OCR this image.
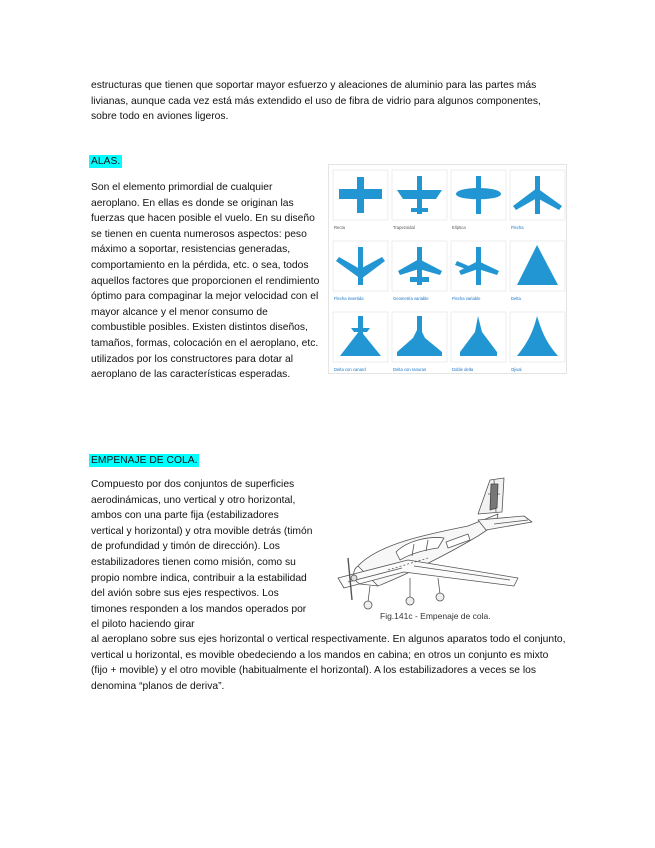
estructuras que tienen que soportar mayor esfuerzo y aleaciones de aluminio para las partes más livianas, aunque cada vez está más extendido el uso de fibra de vidrio para algunos componentes, sobre todo en aviones ligeros.

ALAS.

Son el elemento primordial de cualquier aeroplano. En ellas es donde se originan las fuerzas que hacen posible el vuelo. En su diseño se tienen en cuenta numerosos aspectos: peso máximo a soportar, resistencias generadas, comportamiento en la pérdida, etc. o sea, todos aquellos factores que proporcionen el rendimiento óptimo para compaginar la mejor velocidad con el mayor alcance y el menor consumo de combustible posibles. Existen distintos diseños, tamaños, formas, colocación en el aeroplano, etc. utilizados por los constructores para dotar al aeroplano de las características esperadas.

Recta	Trapezoidal	Elíptica	Flecha
Flecha invertida	Geometría variable	Flecha variable	Delta
Delta con canard	Delta con ranuras	Doble delta	Ojival
EMPENAJE DE COLA.

Compuesto por dos conjuntos de superficies aerodinámicas, uno vertical y otro horizontal, ambos con una parte fija (estabilizadores vertical y horizontal) y otra movible detrás (timón de profundidad y timón de dirección). Los estabilizadores tienen como misión, como su propio nombre indica, contribuir a la estabilidad del avión sobre sus ejes respectivos. Los timones responden a los mandos operados por el piloto haciendo girar

al aeroplano sobre sus ejes horizontal o vertical respectivamente. En algunos aparatos todo el conjunto, vertical u horizontal, es movible obedeciendo a los mandos en cabina; en otros un conjunto es mixto (fijo + movible) y el otro movible (habitualmente el horizontal). A los estabilizadores a veces se los denomina “planos de deriva”.

Fig.141c - Empenaje de cola.
